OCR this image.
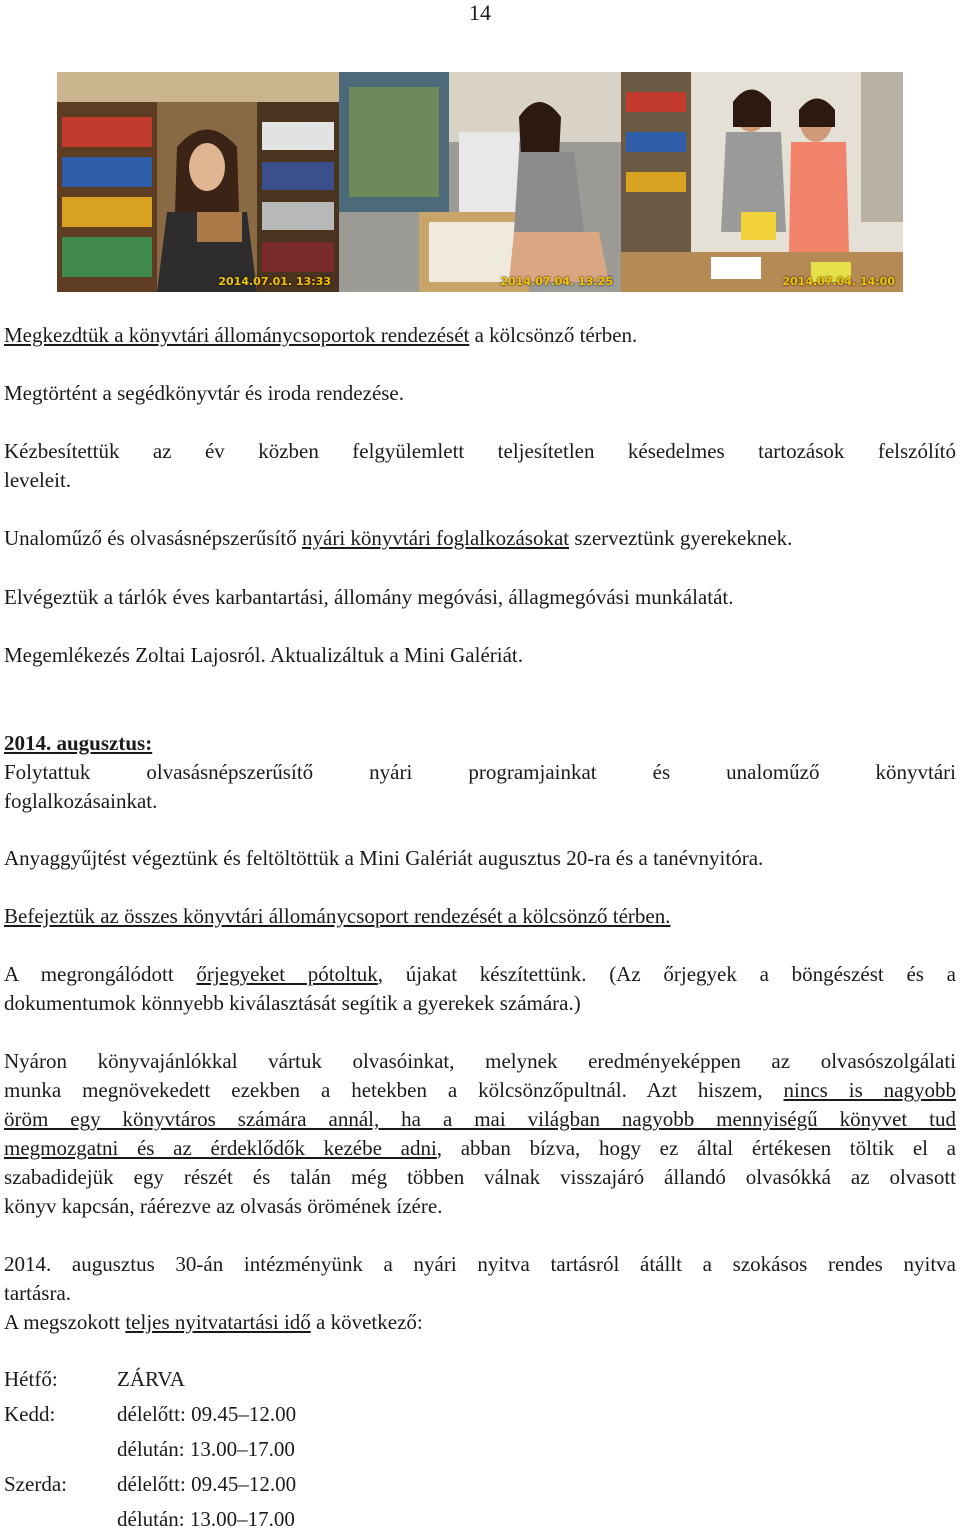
14
2014.07.01. 13:33	2014.07.04. 13:25	2014.07.04. 14:00

Megkezdtük a könyvtári állománycsoportok rendezését a kölcsönző térben.

Megtörtént a segédkönyvtár és iroda rendezése.

Kézbesítettük az év közben felgyülemlett teljesítetlen késedelmes tartozások felszólító

leveleit.

Unaloműző és olvasásnépszerűsítő nyári könyvtári foglalkozásokat szerveztünk gyerekeknek.

Elvégeztük a tárlók éves karbantartási, állomány megóvási, állagmegóvási munkálatát.

Megemlékezés Zoltai Lajosról. Aktualizáltuk a Mini Galériát.

2014. augusztus:

Folytattuk olvasásnépszerűsítő nyári programjainkat és unaloműző könyvtári

foglalkozásainkat.

Anyaggyűjtést végeztünk és feltöltöttük a Mini Galériát augusztus 20-ra és a tanévnyitóra.

Befejeztük az összes könyvtári állománycsoport rendezését a kölcsönző térben.

A megrongálódott őrjegyeket pótoltuk, újakat készítettünk. (Az őrjegyek a böngészést és a

dokumentumok könnyebb kiválasztását segítik a gyerekek számára.)

Nyáron könyvajánlókkal vártuk olvasóinkat, melynek eredményeképpen az olvasószolgálati

munka megnövekedett ezekben a hetekben a kölcsönzőpultnál. Azt hiszem, nincs is nagyobb

öröm egy könyvtáros számára annál, ha a mai világban nagyobb mennyiségű könyvet tud

megmozgatni és az érdeklődők kezébe adni, abban bízva, hogy ez által értékesen töltik el a

szabadidejük egy részét és talán még többen válnak visszajáró állandó olvasókká az olvasott

könyv kapcsán, ráérezve az olvasás örömének ízére.

2014. augusztus 30-án intézményünk a nyári nyitva tartásról átállt a szokásos rendes nyitva

tartásra.

A megszokott teljes nyitvatartási idő a következő:

Hétfő:	ZÁRVA
Kedd:	délelőtt: 09.45–12.00
délután: 13.00–17.00
Szerda:	délelőtt: 09.45–12.00
délután: 13.00–17.00
